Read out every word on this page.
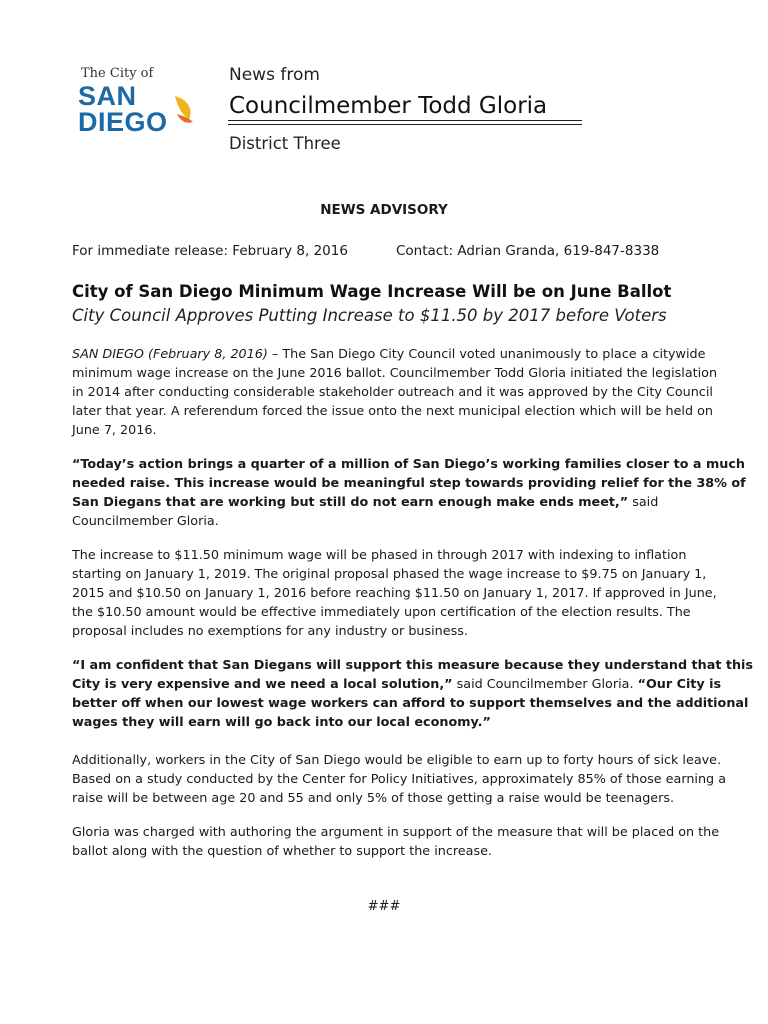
The City of
SAN
DIEGO
News from
Councilmember Todd Gloria
District Three
NEWS ADVISORY
For immediate release: February 8, 2016	Contact: Adrian Granda, 619-847-8338
City of San Diego Minimum Wage Increase Will be on June Ballot
City Council Approves Putting Increase to $11.50 by 2017 before Voters
SAN DIEGO (February 8, 2016) – The San Diego City Council voted unanimously to place a citywide
minimum wage increase on the June 2016 ballot. Councilmember Todd Gloria initiated the legislation
in 2014 after conducting considerable stakeholder outreach and it was approved by the City Council
later that year. A referendum forced the issue onto the next municipal election which will be held on
June 7, 2016.
“Today’s action brings a quarter of a million of San Diego’s working families closer to a much
needed raise. This increase would be meaningful step towards providing relief for the 38% of
San Diegans that are working but still do not earn enough make ends meet,” said
Councilmember Gloria.
The increase to $11.50 minimum wage will be phased in through 2017 with indexing to inflation
starting on January 1, 2019. The original proposal phased the wage increase to $9.75 on January 1,
2015 and $10.50 on January 1, 2016 before reaching $11.50 on January 1, 2017. If approved in June,
the $10.50 amount would be effective immediately upon certification of the election results. The
proposal includes no exemptions for any industry or business.
“I am confident that San Diegans will support this measure because they understand that this
City is very expensive and we need a local solution,” said Councilmember Gloria. “Our City is
better off when our lowest wage workers can afford to support themselves and the additional
wages they will earn will go back into our local economy.”
Additionally, workers in the City of San Diego would be eligible to earn up to forty hours of sick leave.
Based on a study conducted by the Center for Policy Initiatives, approximately 85% of those earning a
raise will be between age 20 and 55 and only 5% of those getting a raise would be teenagers.
Gloria was charged with authoring the argument in support of the measure that will be placed on the
ballot along with the question of whether to support the increase.
###
